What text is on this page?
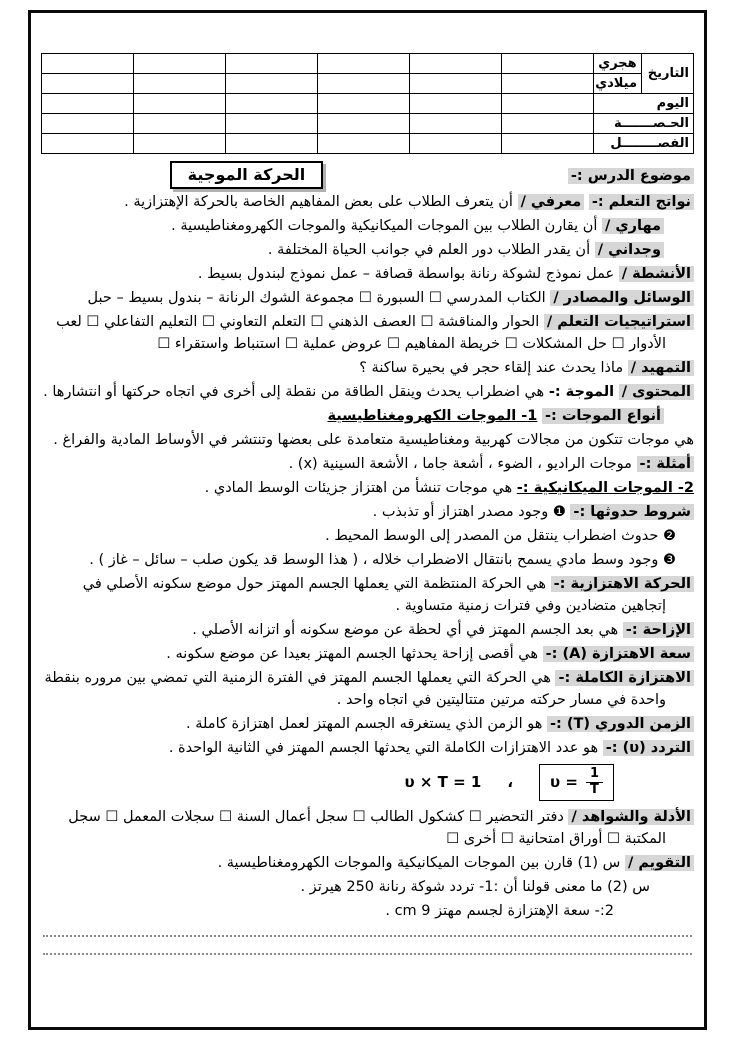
مستقل
mostaql.com
التاريخ	هجري						
	ميلادي						
اليوم							
الحـصـــــــة							
الفصــــــــل							

موضوع الدرس :- الحركة الموجية

نواتج التعلم :- معرفي / أن يتعرف الطلاب على بعض المفاهيم الخاصة بالحركة الإهتزازية .

مهاري / أن يقارن الطلاب بين الموجات الميكانيكية والموجات الكهرومغناطيسية .

وجداني / أن يقدر الطلاب دور العلم في جوانب الحياة المختلفة .

الأنشطة / عمل نموذج لشوكة رنانة بواسطة قصافة – عمل نموذج لبندول بسيط .

الوسائل والمصادر / الكتاب المدرسي ☐ السبورة ☐ مجموعة الشوك الرنانة – بندول بسيط – حبل

استراتيجيات التعلم / الحوار والمناقشة ☐ العصف الذهني ☐ التعلم التعاوني ☐ التعليم التفاعلي ☐ لعب الأدوار ☐ حل المشكلات ☐ خريطة المفاهيم ☐ عروض عملية ☐ استنباط واستقراء ☐

التمهيد / ماذا يحدث عند إلقاء حجر في بحيرة ساكنة ؟

المحتوى / الموجة :- هي اضطراب يحدث وينقل الطاقة من نقطة إلى أخرى في اتجاه حركتها أو انتشارها .

أنواع الموجات :- 1- الموجات الكهرومغناطيسية

هي موجات تتكون من مجالات كهربية ومغناطيسية متعامدة على بعضها وتنتشر في الأوساط المادية والفراغ .

أمثلة :- موجات الراديو ، الضوء ، أشعة جاما ، الأشعة السينية (x) .

2- الموجات الميكانيكية :- هي موجات تنشأ من اهتزاز جزيئات الوسط المادي .

شروط حدوثها :- ❶ وجود مصدر اهتزاز أو تذبذب .

❷ حدوث اضطراب ينتقل من المصدر إلى الوسط المحيط .

❸ وجود وسط مادي يسمح بانتقال الاضطراب خلاله ، ( هذا الوسط قد يكون صلب – سائل – غاز ) .

الحركة الاهتزازية :- هي الحركة المنتظمة التي يعملها الجسم المهتز حول موضع سكونه الأصلي في إتجاهين متضادين وفي فترات زمنية متساوية .

الإزاحة :- هي بعد الجسم المهتز في أي لحظة عن موضع سكونه أو اتزانه الأصلي .

سعة الاهتزازة (A) :- هي أقصى إزاحة يحدثها الجسم المهتز بعيدا عن موضع سكونه .

الاهتزازة الكاملة :- هي الحركة التي يعملها الجسم المهتز في الفترة الزمنية التي تمضي بين مروره بنقطة واحدة في مسار حركته مرتين متتاليتين في اتجاه واحد .

الزمن الدوري (T) :- هو الزمن الذي يستغرقه الجسم المهتز لعمل اهتزازة كاملة .

التردد (υ) :- هو عدد الاهتزازات الكاملة التي يحدثها الجسم المهتز في الثانية الواحدة .

$\upsilon = \frac{1}{T}$
،
υ × T = 1

الأدلة والشواهد / دفتر التحضير ☐ كشكول الطالب ☐ سجل أعمال السنة ☐ سجلات المعمل ☐ سجل المكتبة ☐ أوراق امتحانية ☐ أخرى ☐

التقويم / س (1) قارن بين الموجات الميكانيكية والموجات الكهرومغناطيسية .

س (2) ما معنى قولنا أن :1- تردد شوكة رنانة 250 هيرتز .

2:- سعة الإهتزازة لجسم مهتز 9 cm .
